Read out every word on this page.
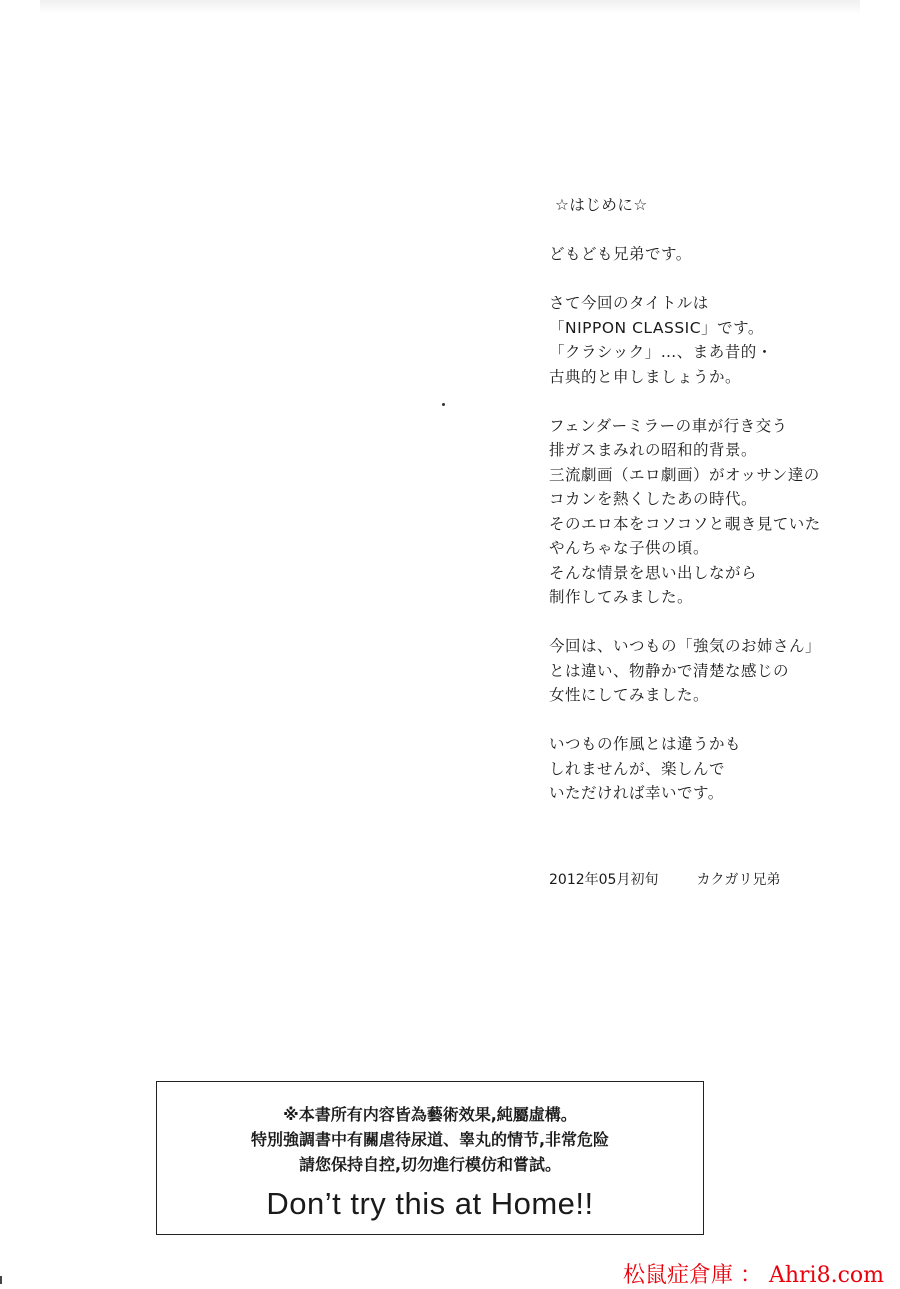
☆はじめに☆
どもども兄弟です。
さて今回のタイトルは
「NIPPON CLASSIC」です。
「クラシック」…、まあ昔的・
古典的と申しましょうか。
フェンダーミラーの車が行き交う
排ガスまみれの昭和的背景。
三流劇画（エロ劇画）がオッサン達の
コカンを熱くしたあの時代。
そのエロ本をコソコソと覗き見ていた
やんちゃな子供の頃。
そんな情景を思い出しながら
制作してみました。
今回は、いつもの「強気のお姉さん」
とは違い、物静かで清楚な感じの
女性にしてみました。
いつもの作風とは違うかも
しれませんが、楽しんで
いただければ幸いです。
2012年05月初旬	カクガリ兄弟
※本書所有内容皆為藝術效果,純屬虛構。
特別強調書中有關虐待尿道、睾丸的情节,非常危险
請您保持自控,切勿進行模仿和嘗試。
Don’t try this at Home!!
松鼠症倉庫 ： Ahri8.com
